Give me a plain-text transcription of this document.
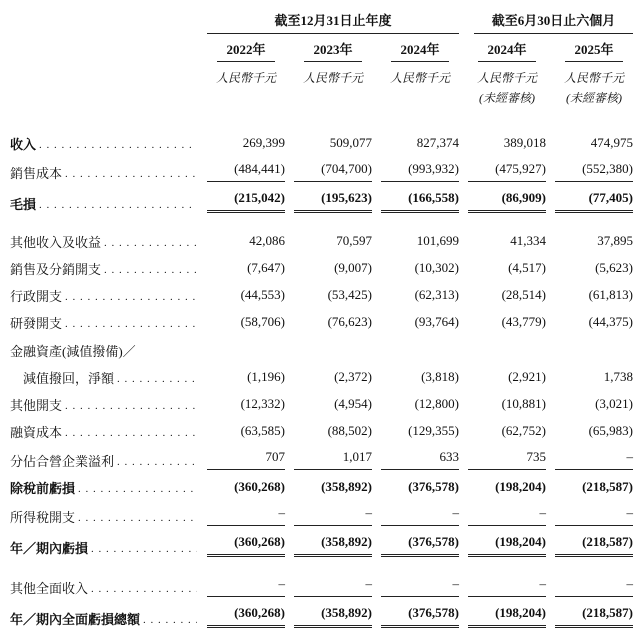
截至12月31日止年度	截至6月30日止六個月
2022年	2023年	2024年	2024年	2025年
人民幣千元	人民幣千元	人民幣千元	人民幣千元	人民幣千元
(未經審核)	(未經審核)
收入 . . .	269,399	509,077	827,374	389,018	474,975
銷售成本 . . .	(484,441)	(704,700)	(993,932)	(475,927)	(552,380)
毛損 . . .	(215,042)	(195,623)	(166,558)	(86,909)	(77,405)
其他收入及收益 . . .	42,086	70,597	101,699	41,334	37,895
銷售及分銷開支 . . .	(7,647)	(9,007)	(10,302)	(4,517)	(5,623)
行政開支 . . .	(44,553)	(53,425)	(62,313)	(28,514)	(61,813)
研發開支 . . .	(58,706)	(76,623)	(93,764)	(43,779)	(44,375)
金融資產(減值撥備)／
減值撥回，淨額 . . .	(1,196)	(2,372)	(3,818)	(2,921)	1,738
其他開支 . . .	(12,332)	(4,954)	(12,800)	(10,881)	(3,021)
融資成本 . . .	(63,585)	(88,502)	(129,355)	(62,752)	(65,983)
分佔合營企業溢利 . . .	707	1,017	633	735	–
除稅前虧損 . . .	(360,268)	(358,892)	(376,578)	(198,204)	(218,587)
所得稅開支 . . .	–	–	–	–	–
年／期內虧損 . . .	(360,268)	(358,892)	(376,578)	(198,204)	(218,587)
其他全面收入 . . .	–	–	–	–	–
年／期內全面虧損總額 . . .	(360,268)	(358,892)	(376,578)	(198,204)	(218,587)
